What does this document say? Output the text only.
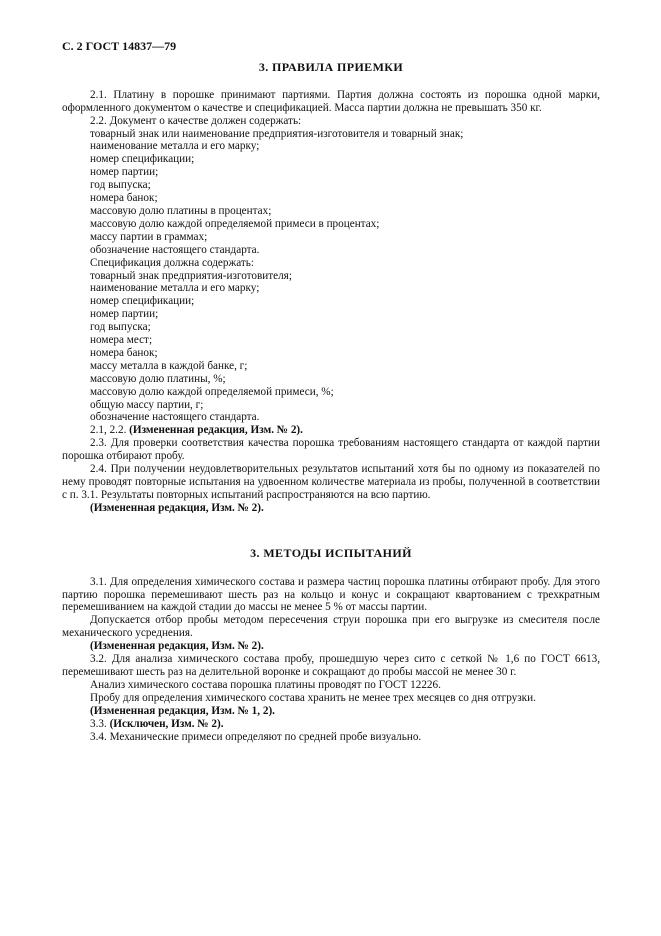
С. 2 ГОСТ 14837—79
3. ПРАВИЛА ПРИЕМКИ

2.1. Платину в порошке принимают партиями. Партия должна состоять из порошка одной марки, оформленного документом о качестве и спецификацией. Масса партии должна не превышать 350 кг.

2.2. Документ о качестве должен содержать:

товарный знак или наименование предприятия-изготовителя и товарный знак;

наименование металла и его марку;

номер спецификации;

номер партии;

год выпуска;

номера банок;

массовую долю платины в процентах;

массовую долю каждой определяемой примеси в процентах;

массу партии в граммах;

обозначение настоящего стандарта.

Спецификация должна содержать:

товарный знак предприятия-изготовителя;

наименование металла и его марку;

номер спецификации;

номер партии;

год выпуска;

номера мест;

номера банок;

массу металла в каждой банке, г;

массовую долю платины, %;

массовую долю каждой определяемой примеси, %;

общую массу партии, г;

обозначение настоящего стандарта.

2.1, 2.2. (Измененная редакция, Изм. № 2).

2.3. Для проверки соответствия качества порошка требованиям настоящего стандарта от каждой партии порошка отбирают пробу.

2.4. При получении неудовлетворительных результатов испытаний хотя бы по одному из показателей по нему проводят повторные испытания на удвоенном количестве материала из пробы, полученной в соответствии с п. 3.1. Результаты повторных испытаний распространяются на всю партию.

(Измененная редакция, Изм. № 2).

3. МЕТОДЫ ИСПЫТАНИЙ

3.1. Для определения химического состава и размера частиц порошка платины отбирают пробу. Для этого партию порошка перемешивают шесть раз на кольцо и конус и сокращают квартованием с трехкратным перемешиванием на каждой стадии до массы не менее 5 % от массы партии.

Допускается отбор пробы методом пересечения струи порошка при его выгрузке из смесителя после механического усреднения.

(Измененная редакция, Изм. № 2).

3.2. Для анализа химического состава пробу, прошедшую через сито с сеткой № 1,6 по ГОСТ 6613, перемешивают шесть раз на делительной воронке и сокращают до пробы массой не менее 30 г.

Анализ химического состава порошка платины проводят по ГОСТ 12226.

Пробу для определения химического состава хранить не менее трех месяцев со дня отгрузки.

(Измененная редакция, Изм. № 1, 2).

3.3. (Исключен, Изм. № 2).

3.4. Механические примеси определяют по средней пробе визуально.
